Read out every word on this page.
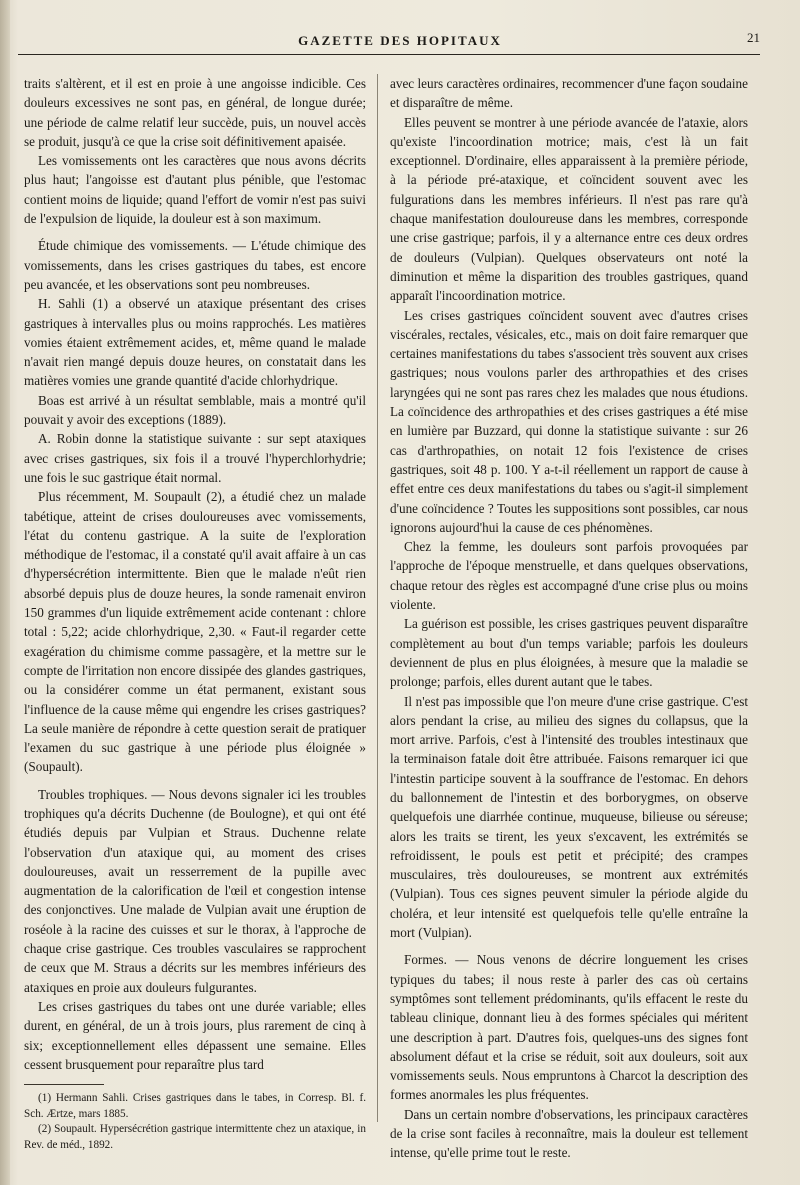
GAZETTE DES HOPITAUX	21

traits s'altèrent, et il est en proie à une angoisse indicible. Ces douleurs excessives ne sont pas, en général, de longue durée; une période de calme relatif leur succède, puis, un nouvel accès se produit, jusqu'à ce que la crise soit définitivement apaisée.

Les vomissements ont les caractères que nous avons décrits plus haut; l'angoisse est d'autant plus pénible, que l'estomac contient moins de liquide; quand l'effort de vomir n'est pas suivi de l'expulsion de liquide, la douleur est à son maximum.

Étude chimique des vomissements. — L'étude chimique des vomissements, dans les crises gastriques du tabes, est encore peu avancée, et les observations sont peu nombreuses.

H. Sahli (1) a observé un ataxique présentant des crises gastriques à intervalles plus ou moins rapprochés. Les matières vomies étaient extrêmement acides, et, même quand le malade n'avait rien mangé depuis douze heures, on constatait dans les matières vomies une grande quantité d'acide chlorhydrique.

Boas est arrivé à un résultat semblable, mais a montré qu'il pouvait y avoir des exceptions (1889).

A. Robin donne la statistique suivante : sur sept ataxiques avec crises gastriques, six fois il a trouvé l'hyperchlorhydrie; une fois le suc gastrique était normal.

Plus récemment, M. Soupault (2), a étudié chez un malade tabétique, atteint de crises douloureuses avec vomissements, l'état du contenu gastrique. A la suite de l'exploration méthodique de l'estomac, il a constaté qu'il avait affaire à un cas d'hypersécrétion intermittente. Bien que le malade n'eût rien absorbé depuis plus de douze heures, la sonde ramenait environ 150 grammes d'un liquide extrêmement acide contenant : chlore total : 5,22; acide chlorhydrique, 2,30. « Faut-il regarder cette exagération du chimisme comme passagère, et la mettre sur le compte de l'irritation non encore dissipée des glandes gastriques, ou la considérer comme un état permanent, existant sous l'influence de la cause même qui engendre les crises gastriques? La seule manière de répondre à cette question serait de pratiquer l'examen du suc gastrique à une période plus éloignée » (Soupault).

Troubles trophiques. — Nous devons signaler ici les troubles trophiques qu'a décrits Duchenne (de Boulogne), et qui ont été étudiés depuis par Vulpian et Straus. Duchenne relate l'observation d'un ataxique qui, au moment des crises douloureuses, avait un resserrement de la pupille avec augmentation de la calorification de l'œil et congestion intense des conjonctives. Une malade de Vulpian avait une éruption de roséole à la racine des cuisses et sur le thorax, à l'approche de chaque crise gastrique. Ces troubles vasculaires se rapprochent de ceux que M. Straus a décrits sur les membres inférieurs des ataxiques en proie aux douleurs fulgurantes.

Les crises gastriques du tabes ont une durée variable; elles durent, en général, de un à trois jours, plus rarement de cinq à six; exceptionnellement elles dépassent une semaine. Elles cessent brusquement pour reparaître plus tard

(1) Hermann Sahli. Crises gastriques dans le tabes, in Corresp. Bl. f. Sch. Ærtze, mars 1885.

(2) Soupault. Hypersécrétion gastrique intermittente chez un ataxique, in Rev. de méd., 1892.

avec leurs caractères ordinaires, recommencer d'une façon soudaine et disparaître de même.

Elles peuvent se montrer à une période avancée de l'ataxie, alors qu'existe l'incoordination motrice; mais, c'est là un fait exceptionnel. D'ordinaire, elles apparaissent à la première période, à la période pré-ataxique, et coïncident souvent avec les fulgurations dans les membres inférieurs. Il n'est pas rare qu'à chaque manifestation douloureuse dans les membres, corresponde une crise gastrique; parfois, il y a alternance entre ces deux ordres de douleurs (Vulpian). Quelques observateurs ont noté la diminution et même la disparition des troubles gastriques, quand apparaît l'incoordination motrice.

Les crises gastriques coïncident souvent avec d'autres crises viscérales, rectales, vésicales, etc., mais on doit faire remarquer que certaines manifestations du tabes s'associent très souvent aux crises gastriques; nous voulons parler des arthropathies et des crises laryngées qui ne sont pas rares chez les malades que nous étudions. La coïncidence des arthropathies et des crises gastriques a été mise en lumière par Buzzard, qui donne la statistique suivante : sur 26 cas d'arthropathies, on notait 12 fois l'existence de crises gastriques, soit 48 p. 100. Y a-t-il réellement un rapport de cause à effet entre ces deux manifestations du tabes ou s'agit-il simplement d'une coïncidence ? Toutes les suppositions sont possibles, car nous ignorons aujourd'hui la cause de ces phénomènes.

Chez la femme, les douleurs sont parfois provoquées par l'approche de l'époque menstruelle, et dans quelques observations, chaque retour des règles est accompagné d'une crise plus ou moins violente.

La guérison est possible, les crises gastriques peuvent disparaître complètement au bout d'un temps variable; parfois les douleurs deviennent de plus en plus éloignées, à mesure que la maladie se prolonge; parfois, elles durent autant que le tabes.

Il n'est pas impossible que l'on meure d'une crise gastrique. C'est alors pendant la crise, au milieu des signes du collapsus, que la mort arrive. Parfois, c'est à l'intensité des troubles intestinaux que la terminaison fatale doit être attribuée. Faisons remarquer ici que l'intestin participe souvent à la souffrance de l'estomac. En dehors du ballonnement de l'intestin et des borborygmes, on observe quelquefois une diarrhée continue, muqueuse, bilieuse ou séreuse; alors les traits se tirent, les yeux s'excavent, les extrémités se refroidissent, le pouls est petit et précipité; des crampes musculaires, très douloureuses, se montrent aux extrémités (Vulpian). Tous ces signes peuvent simuler la période algide du choléra, et leur intensité est quelquefois telle qu'elle entraîne la mort (Vulpian).

Formes. — Nous venons de décrire longuement les crises typiques du tabes; il nous reste à parler des cas où certains symptômes sont tellement prédominants, qu'ils effacent le reste du tableau clinique, donnant lieu à des formes spéciales qui méritent une description à part. D'autres fois, quelques-uns des signes font absolument défaut et la crise se réduit, soit aux douleurs, soit aux vomissements seuls. Nous empruntons à Charcot la description des formes anormales les plus fréquentes.

Dans un certain nombre d'observations, les principaux caractères de la crise sont faciles à reconnaître, mais la douleur est tellement intense, qu'elle prime tout le reste.
